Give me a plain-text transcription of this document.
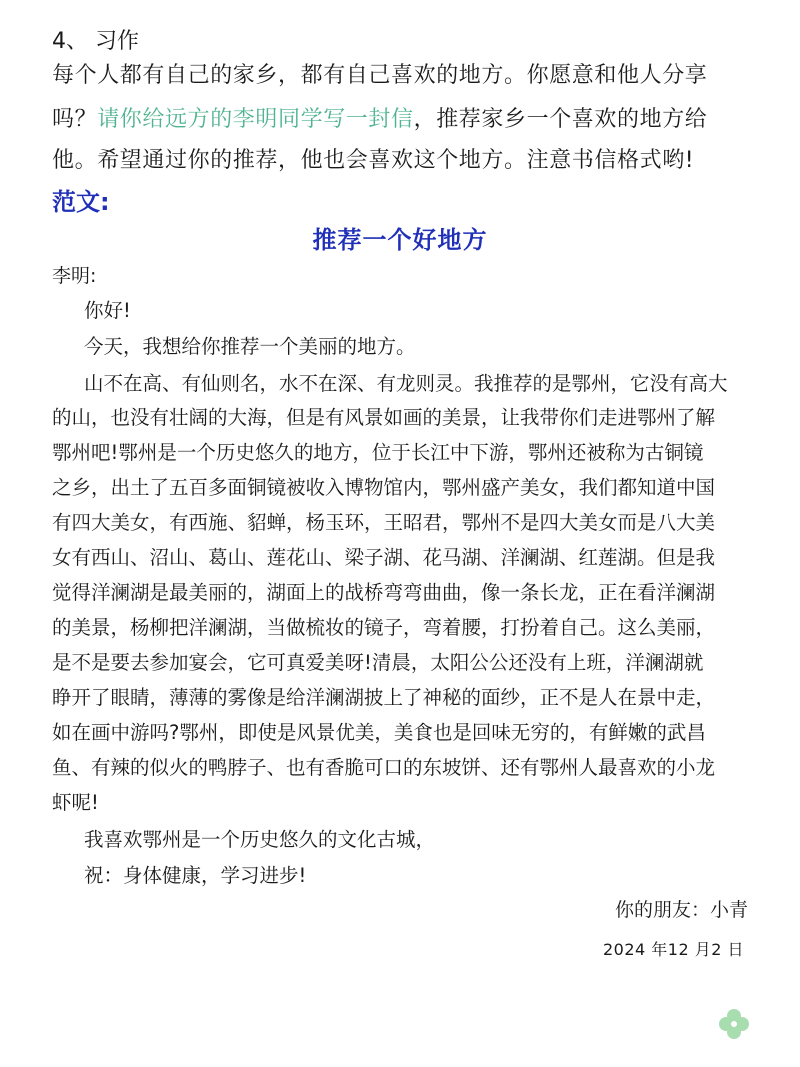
4、 习作
每个人都有自己的家乡，都有自己喜欢的地方。你愿意和他人分享
吗？请你给远方的李明同学写一封信，推荐家乡一个喜欢的地方给
他。希望通过你的推荐，他也会喜欢这个地方。注意书信格式哟!
范文:
推荐一个好地方
李明:
你好!
今天，我想给你推荐一个美丽的地方。
山不在高、有仙则名，水不在深、有龙则灵。我推荐的是鄂州，它没有高大
的山，也没有壮阔的大海，但是有风景如画的美景，让我带你们走进鄂州了解
鄂州吧!鄂州是一个历史悠久的地方，位于长江中下游，鄂州还被称为古铜镜
之乡，出土了五百多面铜镜被收入博物馆内，鄂州盛产美女，我们都知道中国
有四大美女，有西施、貂蝉，杨玉环，王昭君，鄂州不是四大美女而是八大美
女有西山、沼山、葛山、莲花山、梁子湖、花马湖、洋澜湖、红莲湖。但是我
觉得洋澜湖是最美丽的，湖面上的战桥弯弯曲曲，像一条长龙，正在看洋澜湖
的美景，杨柳把洋澜湖，当做梳妆的镜子，弯着腰，打扮着自己。这么美丽，
是不是要去参加宴会，它可真爱美呀!清晨，太阳公公还没有上班，洋澜湖就
睁开了眼睛，薄薄的雾像是给洋澜湖披上了神秘的面纱，正不是人在景中走，
如在画中游吗?鄂州，即使是风景优美，美食也是回味无穷的，有鲜嫩的武昌
鱼、有辣的似火的鸭脖子、也有香脆可口的东坡饼、还有鄂州人最喜欢的小龙
虾呢!
我喜欢鄂州是一个历史悠久的文化古城，
祝：身体健康，学习进步!
你的朋友：小青
2024 年12 月2 日
